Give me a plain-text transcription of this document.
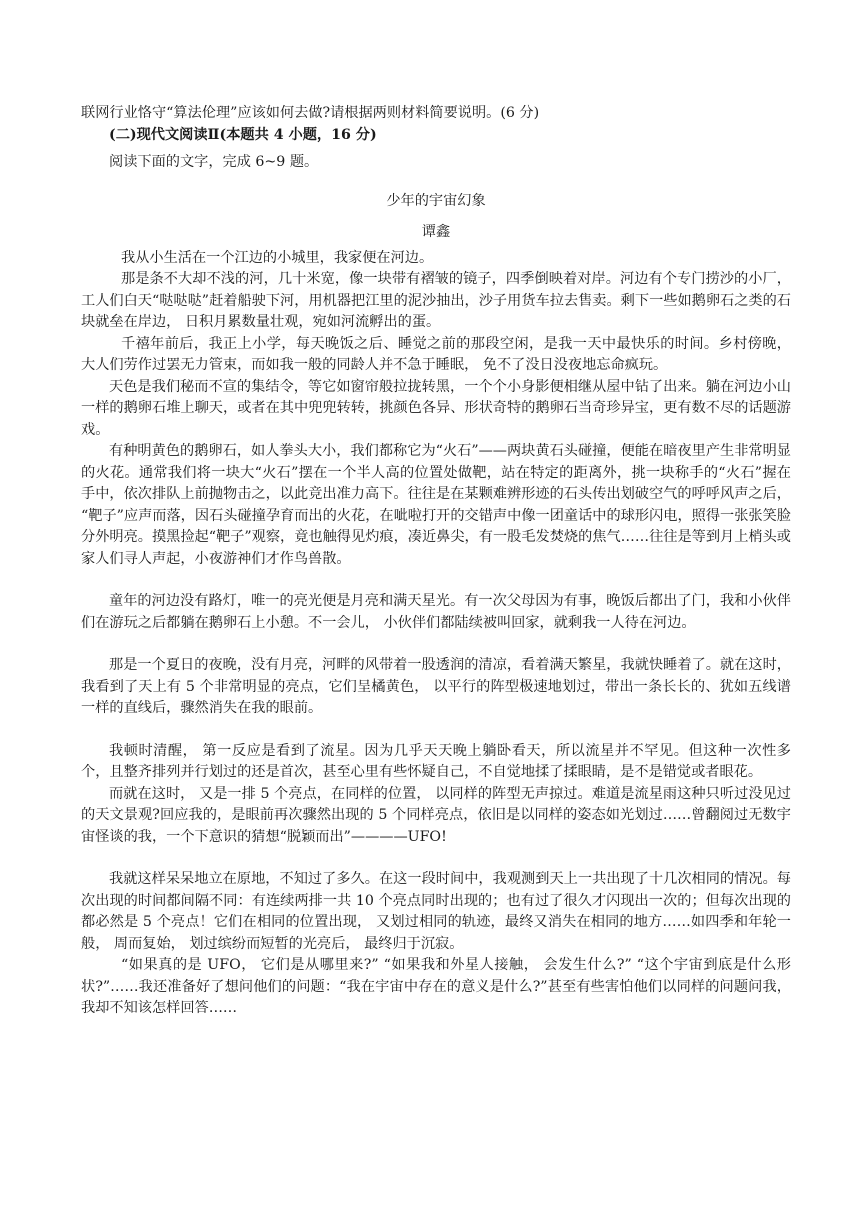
联网行业恪守“算法伦理”应该如何去做?请根据两则材料简要说明。(6 分)

(二)现代文阅读Ⅱ(本题共 4 小题，16 分)

阅读下面的文字，完成 6~9 题。

少年的宇宙幻象

谭鑫

我从小生活在一个江边的小城里，我家便在河边。

那是条不大却不浅的河，几十米宽，像一块带有褶皱的镜子，四季倒映着对岸。河边有个专门捞沙的小厂，工人们白天“哒哒哒”赶着船驶下河，用机器把江里的泥沙抽出，沙子用货车拉去售卖。剩下一些如鹅卵石之类的石块就垒在岸边， 日积月累数量壮观，宛如河流孵出的蛋。

千禧年前后，我正上小学，每天晚饭之后、睡觉之前的那段空闲，是我一天中最快乐的时间。乡村傍晚， 大人们劳作过罢无力管束，而如我一般的同龄人并不急于睡眠， 免不了没日没夜地忘命疯玩。

天色是我们秘而不宣的集结令，等它如窗帘般拉拢转黑，一个个小身影便相继从屋中钻了出来。躺在河边小山一样的鹅卵石堆上聊天，或者在其中兜兜转转，挑颜色各异、形状奇特的鹅卵石当奇珍异宝，更有数不尽的话题游戏。

有种明黄色的鹅卵石，如人拳头大小，我们都称它为“火石”——两块黄石头碰撞，便能在暗夜里产生非常明显的火花。通常我们将一块大“火石”摆在一个半人高的位置处做靶，站在特定的距离外，挑一块称手的“火石”握在手中，依次排队上前抛物击之，以此竞出准力高下。往往是在某颗难辨形迹的石头传出划破空气的呼呼风声之后， “靶子”应声而落，因石头碰撞孕育而出的火花，在呲啦打开的交错声中像一团童话中的球形闪电，照得一张张笑脸分外明亮。摸黑捡起“靶子”观察，竟也触得见灼痕，凑近鼻尖，有一股毛发焚烧的焦气……往往是等到月上梢头或家人们寻人声起，小夜游神们才作鸟兽散。

童年的河边没有路灯，唯一的亮光便是月亮和满天星光。有一次父母因为有事，晚饭后都出了门，我和小伙伴们在游玩之后都躺在鹅卵石上小憩。不一会儿， 小伙伴们都陆续被叫回家，就剩我一人待在河边。

那是一个夏日的夜晚，没有月亮，河畔的风带着一股透润的清凉，看着满天繁星，我就快睡着了。就在这时，我看到了天上有 5 个非常明显的亮点，它们呈橘黄色， 以平行的阵型极速地划过，带出一条长长的、犹如五线谱一样的直线后，骤然消失在我的眼前。

我顿时清醒， 第一反应是看到了流星。因为几乎天天晚上躺卧看天，所以流星并不罕见。但这种一次性多个，且整齐排列并行划过的还是首次，甚至心里有些怀疑自己，不自觉地揉了揉眼睛，是不是错觉或者眼花。

而就在这时， 又是一排 5 个亮点，在同样的位置， 以同样的阵型无声掠过。难道是流星雨这种只听过没见过的天文景观?回应我的，是眼前再次骤然出现的 5 个同样亮点，依旧是以同样的姿态如光划过……曾翻阅过无数宇宙怪谈的我，一个下意识的猜想“脱颖而出”————UFO!

我就这样呆呆地立在原地，不知过了多久。在这一段时间中，我观测到天上一共出现了十几次相同的情况。每次出现的时间都间隔不同：有连续两排一共 10 个亮点同时出现的；也有过了很久才闪现出一次的；但每次出现的都必然是 5 个亮点！它们在相同的位置出现， 又划过相同的轨迹，最终又消失在相同的地方……如四季和年轮一般， 周而复始， 划过缤纷而短暂的光亮后， 最终归于沉寂。

“如果真的是 UFO， 它们是从哪里来?” “如果我和外星人接触， 会发生什么?” “这个宇宙到底是什么形状?”……我还准备好了想问他们的问题：“我在宇宙中存在的意义是什么?”甚至有些害怕他们以同样的问题问我，我却不知该怎样回答……
